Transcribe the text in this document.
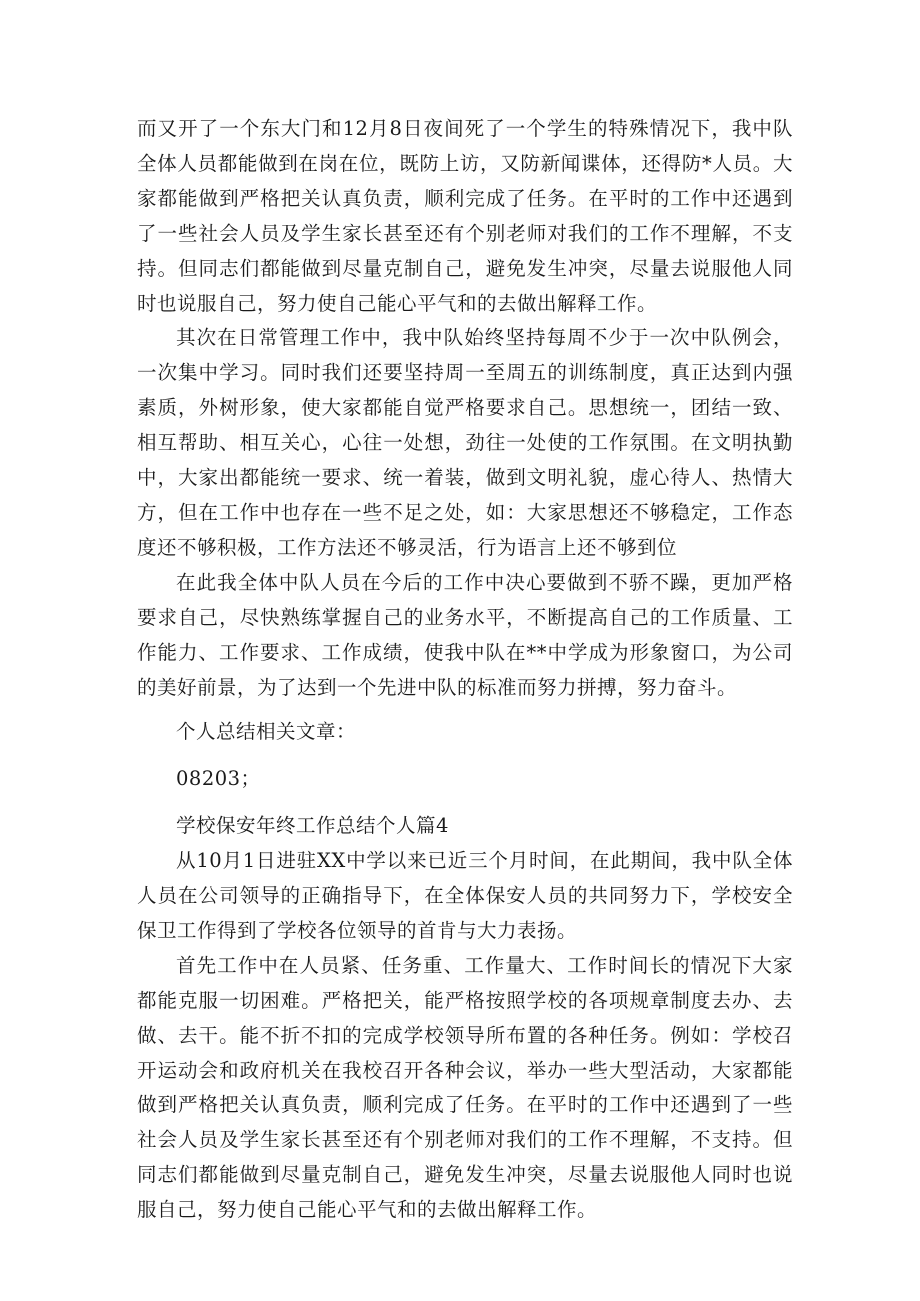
而又开了一个东大门和12月8日夜间死了一个学生的特殊情况下，我中队全体人员都能做到在岗在位，既防上访，又防新闻谍体，还得防*人员。大家都能做到严格把关认真负责，顺利完成了任务。在平时的工作中还遇到了一些社会人员及学生家长甚至还有个别老师对我们的工作不理解，不支持。但同志们都能做到尽量克制自己，避免发生冲突，尽量去说服他人同时也说服自己，努力使自己能心平气和的去做出解释工作。

其次在日常管理工作中，我中队始终坚持每周不少于一次中队例会，一次集中学习。同时我们还要坚持周一至周五的训练制度，真正达到内强素质，外树形象，使大家都能自觉严格要求自己。思想统一，团结一致、相互帮助、相互关心，心往一处想，劲往一处使的工作氛围。在文明执勤中，大家出都能统一要求、统一着装，做到文明礼貌，虚心待人、热情大方，但在工作中也存在一些不足之处，如：大家思想还不够稳定，工作态度还不够积极，工作方法还不够灵活，行为语言上还不够到位

在此我全体中队人员在今后的工作中决心要做到不骄不躁，更加严格要求自己，尽快熟练掌握自己的业务水平，不断提高自己的工作质量、工作能力、工作要求、工作成绩，使我中队在**中学成为形象窗口，为公司的美好前景，为了达到一个先进中队的标准而努力拼搏，努力奋斗。

个人总结相关文章：

08203；

学校保安年终工作总结个人篇4

从10月1日进驻XX中学以来已近三个月时间，在此期间，我中队全体人员在公司领导的正确指导下，在全体保安人员的共同努力下，学校安全保卫工作得到了学校各位领导的首肯与大力表扬。

首先工作中在人员紧、任务重、工作量大、工作时间长的情况下大家都能克服一切困难。严格把关，能严格按照学校的各项规章制度去办、去做、去干。能不折不扣的完成学校领导所布置的各种任务。例如：学校召开运动会和政府机关在我校召开各种会议，举办一些大型活动，大家都能做到严格把关认真负责，顺利完成了任务。在平时的工作中还遇到了一些社会人员及学生家长甚至还有个别老师对我们的工作不理解，不支持。但同志们都能做到尽量克制自己，避免发生冲突，尽量去说服他人同时也说服自己，努力使自己能心平气和的去做出解释工作。
